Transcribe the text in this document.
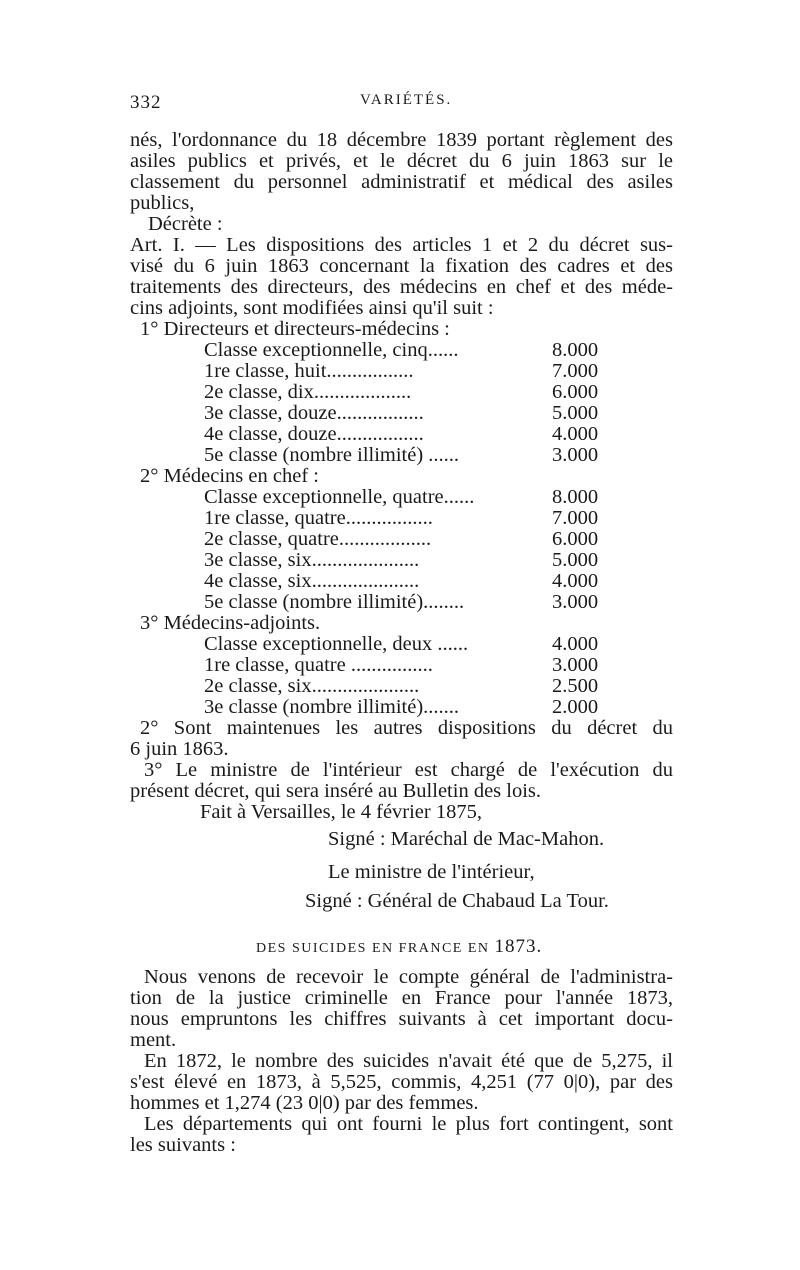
332	VARIÉTÉS.
nés, l'ordonnance du 18 décembre 1839 portant règlement des
asiles publics et privés, et le décret du 6 juin 1863 sur le
classement du personnel administratif et médical des asiles
publics,
Décrète :
Art. I. — Les dispositions des articles 1 et 2 du décret sus-
visé du 6 juin 1863 concernant la fixation des cadres et des
traitements des directeurs, des médecins en chef et des méde-
cins adjoints, sont modifiées ainsi qu'il suit :
1° Directeurs et directeurs-médecins :
Classe exceptionnelle, cinq......	8.000
1re classe, huit.................	7.000
2e classe, dix...................	6.000
3e classe, douze.................	5.000
4e classe, douze.................	4.000
5e classe (nombre illimité) ......	3.000
2° Médecins en chef :
Classe exceptionnelle, quatre......	8.000
1re classe, quatre.................	7.000
2e classe, quatre..................	6.000
3e classe, six.....................	5.000
4e classe, six.....................	4.000
5e classe (nombre illimité)........	3.000
3° Médecins-adjoints.
Classe exceptionnelle, deux ......	4.000
1re classe, quatre ................	3.000
2e classe, six.....................	2.500
3e classe (nombre illimité).......	2.000
2° Sont maintenues les autres dispositions du décret du
6 juin 1863.
3° Le ministre de l'intérieur est chargé de l'exécution du
présent décret, qui sera inséré au Bulletin des lois.
Fait à Versailles, le 4 février 1875,
Signé : Maréchal de Mac-Mahon.
Le ministre de l'intérieur,
Signé : Général de Chabaud La Tour.
DES SUICIDES EN FRANCE EN 1873.
Nous venons de recevoir le compte général de l'administra-
tion de la justice criminelle en France pour l'année 1873,
nous empruntons les chiffres suivants à cet important docu-
ment.
En 1872, le nombre des suicides n'avait été que de 5,275, il
s'est élevé en 1873, à 5,525, commis, 4,251 (77 0|0), par des
hommes et 1,274 (23 0|0) par des femmes.
Les départements qui ont fourni le plus fort contingent, sont
les suivants :
